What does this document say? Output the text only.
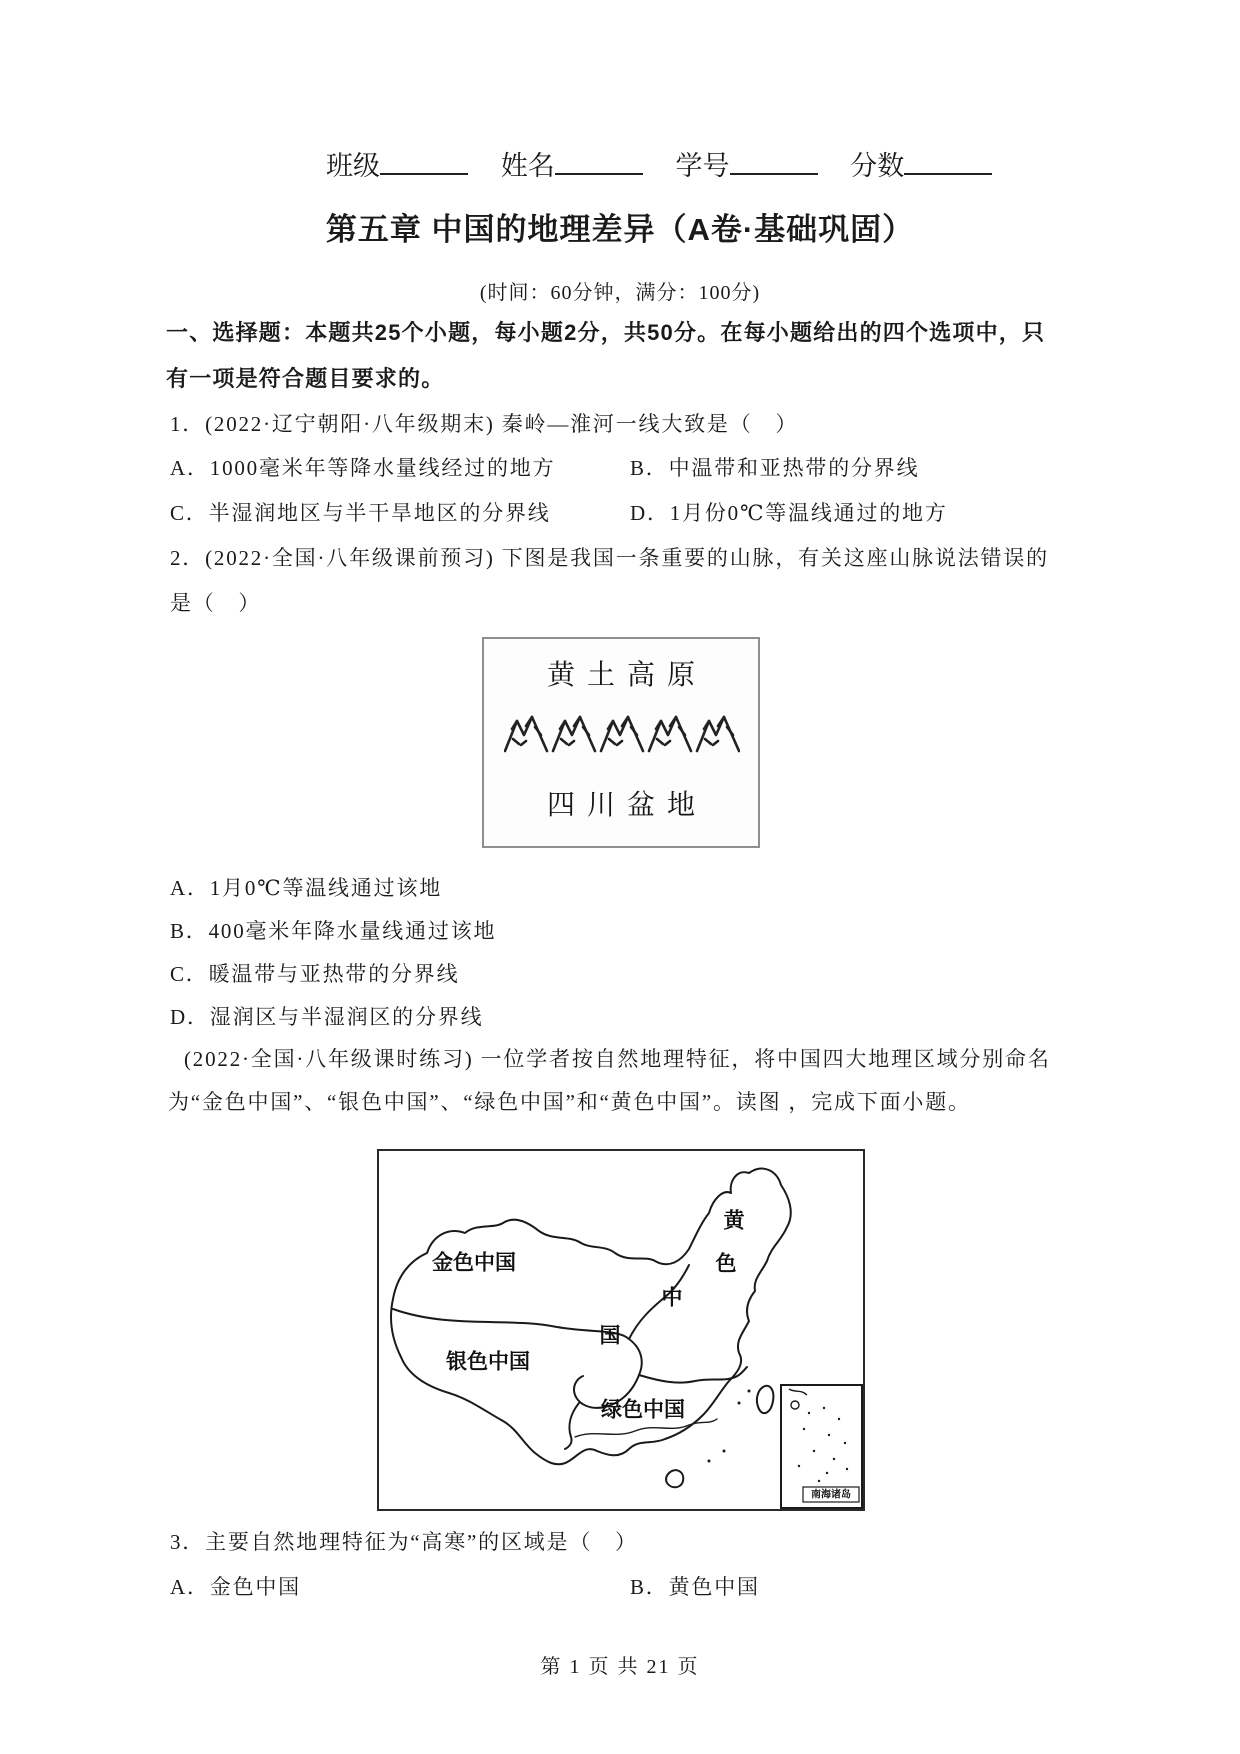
班级	姓名	学号	分数
第五章 中国的地理差异（A卷·基础巩固）
(时间：60分钟，满分：100分)
一、选择题：本题共25个小题，每小题2分，共50分。在每小题给出的四个选项中，只
有一项是符合题目要求的。
1．(2022·辽宁朝阳·八年级期末) 秦岭—淮河一线大致是（　）
A．1000毫米年等降水量线经过的地方	B．中温带和亚热带的分界线
C．半湿润地区与半干旱地区的分界线	D．1月份0℃等温线通过的地方
2．(2022·全国·八年级课前预习) 下图是我国一条重要的山脉，有关这座山脉说法错误的
是（　）
黄土高原
四川盆地
A．1月0℃等温线通过该地
B．400毫米年降水量线通过该地
C．暖温带与亚热带的分界线
D．湿润区与半湿润区的分界线
(2022·全国·八年级课时练习) 一位学者按自然地理特征，将中国四大地理区域分别命名
为“金色中国”、“银色中国”、“绿色中国”和“黄色中国”。读图 ，完成下面小题。
南海诸岛
金色中国
银色中国
绿色中国
黄
色
中
国
3．主要自然地理特征为“高寒”的区域是（　）
A．金色中国	B．黄色中国
第 1 页 共 21 页
